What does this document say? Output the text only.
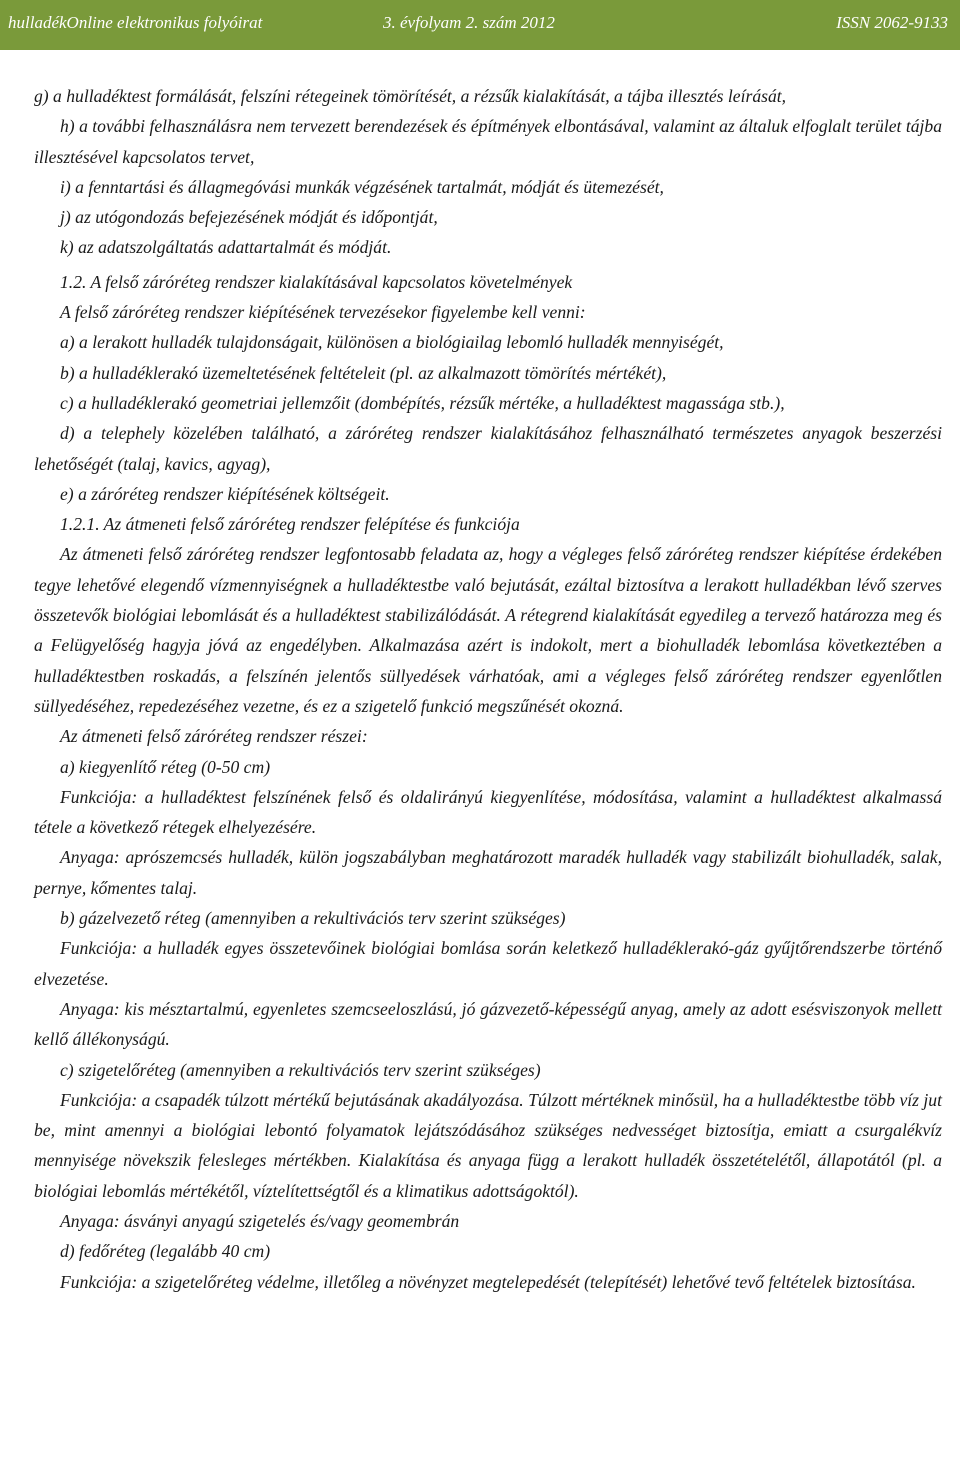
hulladékOnline elektronikus folyóirat	3. évfolyam 2. szám 2012	ISSN 2062-9133

g) a hulladéktest formálását, felszíni rétegeinek tömörítését, a rézsűk kialakítását, a tájba illesztés leírását,

h) a további felhasználásra nem tervezett berendezések és építmények elbontásával, valamint az általuk elfoglalt terület tájba illesztésével kapcsolatos tervet,

i) a fenntartási és állagmegóvási munkák végzésének tartalmát, módját és ütemezését,

j) az utógondozás befejezésének módját és időpontját,

k) az adatszolgáltatás adattartalmát és módját.

1.2. A felső záróréteg rendszer kialakításával kapcsolatos követelmények

A felső záróréteg rendszer kiépítésének tervezésekor figyelembe kell venni:

a) a lerakott hulladék tulajdonságait, különösen a biológiailag lebomló hulladék mennyiségét,

b) a hulladéklerakó üzemeltetésének feltételeit (pl. az alkalmazott tömörítés mértékét),

c) a hulladéklerakó geometriai jellemzőit (dombépítés, rézsűk mértéke, a hulladéktest magassága stb.),

d) a telephely közelében található, a záróréteg rendszer kialakításához felhasználható természetes anyagok beszerzési lehetőségét (talaj, kavics, agyag),

e) a záróréteg rendszer kiépítésének költségeit.

1.2.1. Az átmeneti felső záróréteg rendszer felépítése és funkciója

Az átmeneti felső záróréteg rendszer legfontosabb feladata az, hogy a végleges felső záróréteg rendszer kiépítése érdekében tegye lehetővé elegendő vízmennyiségnek a hulladéktestbe való bejutását, ezáltal biztosítva a lerakott hulladékban lévő szerves összetevők biológiai lebomlását és a hulladéktest stabilizálódását. A rétegrend kialakítását egyedileg a tervező határozza meg és a Felügyelőség hagyja jóvá az engedélyben. Alkalmazása azért is indokolt, mert a biohulladék lebomlása következtében a hulladéktestben roskadás, a felszínén jelentős süllyedések várhatóak, ami a végleges felső záróréteg rendszer egyenlőtlen süllyedéséhez, repedezéséhez vezetne, és ez a szigetelő funkció megszűnését okozná.

Az átmeneti felső záróréteg rendszer részei:

a) kiegyenlítő réteg (0-50 cm)

Funkciója: a hulladéktest felszínének felső és oldalirányú kiegyenlítése, módosítása, valamint a hulladéktest alkalmassá tétele a következő rétegek elhelyezésére.

Anyaga: aprószemcsés hulladék, külön jogszabályban meghatározott maradék hulladék vagy stabilizált biohulladék, salak, pernye, kőmentes talaj.

b) gázelvezető réteg (amennyiben a rekultivációs terv szerint szükséges)

Funkciója: a hulladék egyes összetevőinek biológiai bomlása során keletkező hulladéklerakó-gáz gyűjtőrendszerbe történő elvezetése.

Anyaga: kis mésztartalmú, egyenletes szemcseeloszlású, jó gázvezető-képességű anyag, amely az adott esésviszonyok mellett kellő állékonyságú.

c) szigetelőréteg (amennyiben a rekultivációs terv szerint szükséges)

Funkciója: a csapadék túlzott mértékű bejutásának akadályozása. Túlzott mértéknek minősül, ha a hulladéktestbe több víz jut be, mint amennyi a biológiai lebontó folyamatok lejátszódásához szükséges nedvességet biztosítja, emiatt a csurgalékvíz mennyisége növekszik felesleges mértékben. Kialakítása és anyaga függ a lerakott hulladék összetételétől, állapotától (pl. a biológiai lebomlás mértékétől, víztelítettségtől és a klimatikus adottságoktól).

Anyaga: ásványi anyagú szigetelés és/vagy geomembrán

d) fedőréteg (legalább 40 cm)

Funkciója: a szigetelőréteg védelme, illetőleg a növényzet megtelepedését (telepítését) lehetővé tevő feltételek biztosítása.
